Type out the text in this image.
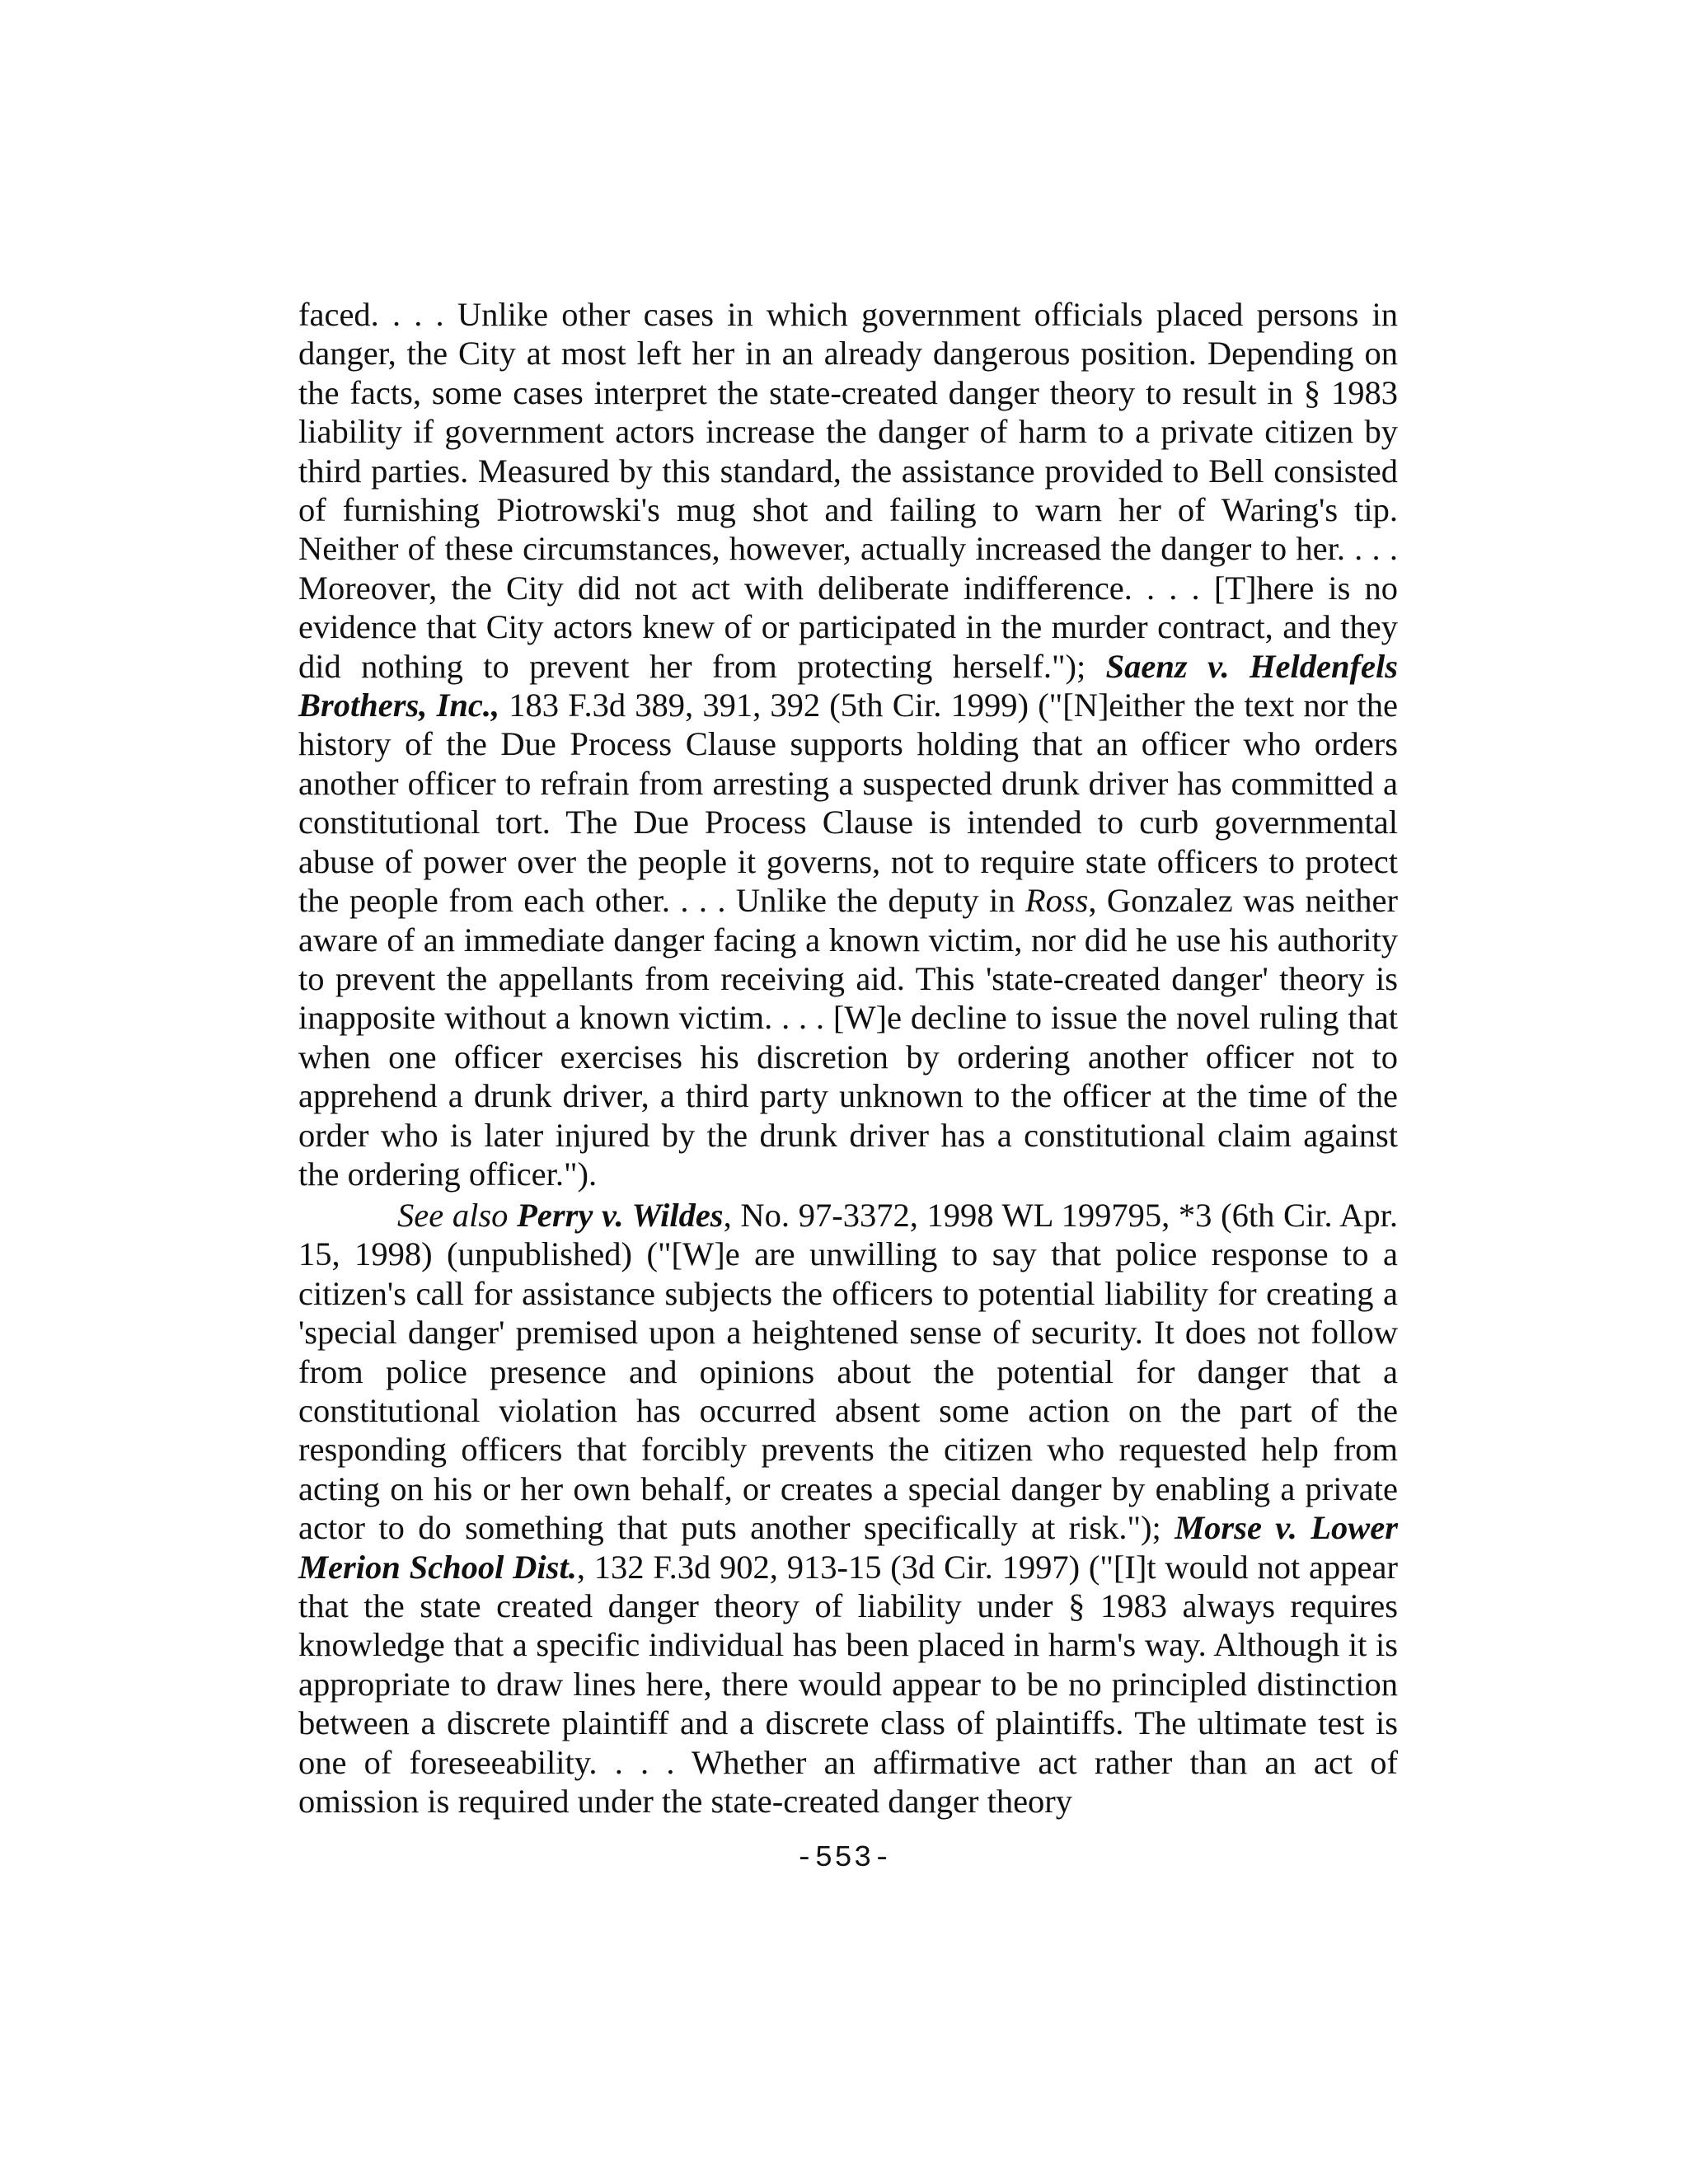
faced. . . . Unlike other cases in which government officials placed persons in danger, the City at most left her in an already dangerous position. Depending on the facts, some cases interpret the state-created danger theory to result in § 1983 liability if government actors increase the danger of harm to a private citizen by third parties. Measured by this standard, the assistance provided to Bell consisted of furnishing Piotrowski's mug shot and failing to warn her of Waring's tip. Neither of these circumstances, however, actually increased the danger to her. . . . Moreover, the City did not act with deliberate indifference. . . . [T]here is no evidence that City actors knew of or participated in the murder contract, and they did nothing to prevent her from protecting herself."); Saenz v. Heldenfels Brothers, Inc., 183 F.3d 389, 391, 392 (5th Cir. 1999) ("[N]either the text nor the history of the Due Process Clause supports holding that an officer who orders another officer to refrain from arresting a suspected drunk driver has committed a constitutional tort. The Due Process Clause is intended to curb governmental abuse of power over the people it governs, not to require state officers to protect the people from each other. . . . Unlike the deputy in Ross, Gonzalez was neither aware of an immediate danger facing a known victim, nor did he use his authority to prevent the appellants from receiving aid. This 'state-created danger' theory is inapposite without a known victim. . . . [W]e decline to issue the novel ruling that when one officer exercises his discretion by ordering another officer not to apprehend a drunk driver, a third party unknown to the officer at the time of the order who is later injured by the drunk driver has a constitutional claim against the ordering officer.").
See also Perry v. Wildes, No. 97-3372, 1998 WL 199795, *3 (6th Cir. Apr. 15, 1998) (unpublished) ("[W]e are unwilling to say that police response to a citizen's call for assistance subjects the officers to potential liability for creating a 'special danger' premised upon a heightened sense of security. It does not follow from police presence and opinions about the potential for danger that a constitutional violation has occurred absent some action on the part of the responding officers that forcibly prevents the citizen who requested help from acting on his or her own behalf, or creates a special danger by enabling a private actor to do something that puts another specifically at risk."); Morse v. Lower Merion School Dist., 132 F.3d 902, 913-15 (3d Cir. 1997) ("[I]t would not appear that the state created danger theory of liability under § 1983 always requires knowledge that a specific individual has been placed in harm's way. Although it is appropriate to draw lines here, there would appear to be no principled distinction between a discrete plaintiff and a discrete class of plaintiffs. The ultimate test is one of foreseeability. . . . Whether an affirmative act rather than an act of omission is required under the state-created danger theory
-553-
